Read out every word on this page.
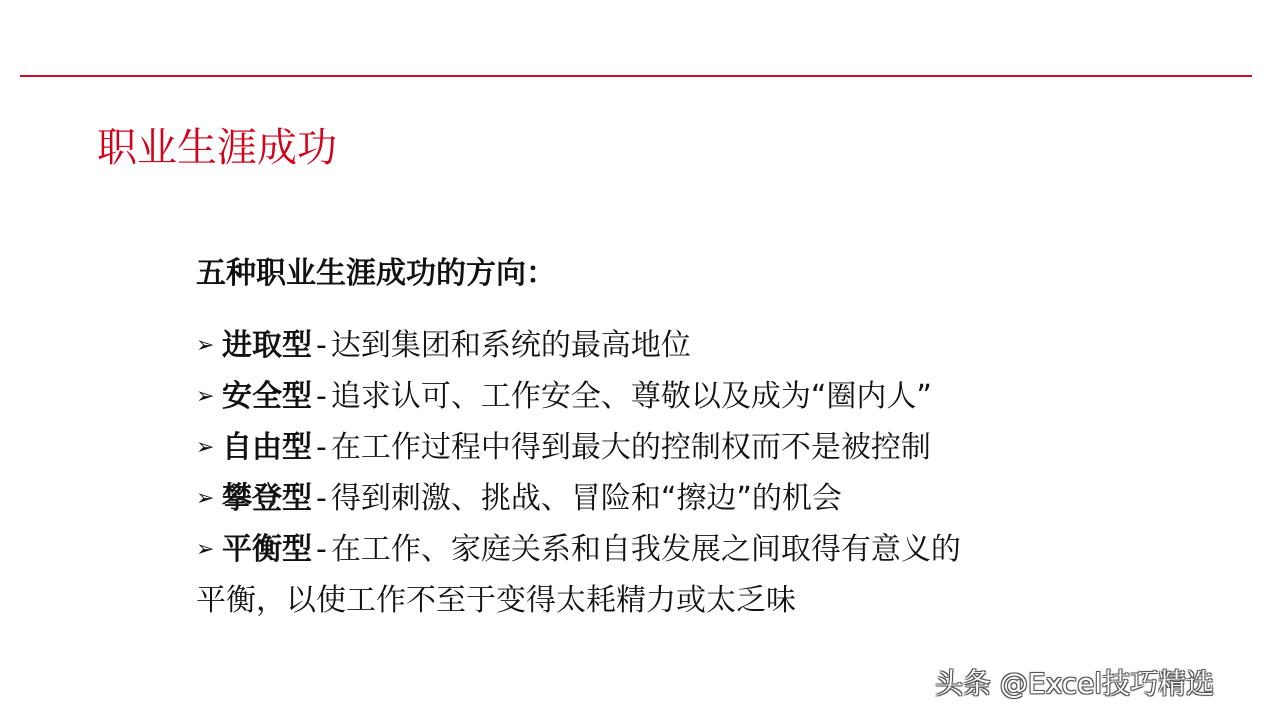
职业生涯成功
五种职业生涯成功的方向：
➢ 进取型 - 达到集团和系统的最高地位
➢ 安全型 - 追求认可、工作安全、尊敬以及成为“圈内人”
➢ 自由型 - 在工作过程中得到最大的控制权而不是被控制
➢ 攀登型 - 得到刺激、挑战、冒险和“擦边”的机会
➢ 平衡型 - 在工作、家庭关系和自我发展之间取得有意义的
平衡，以使工作不至于变得太耗精力或太乏味
头条 @Excel技巧精选
